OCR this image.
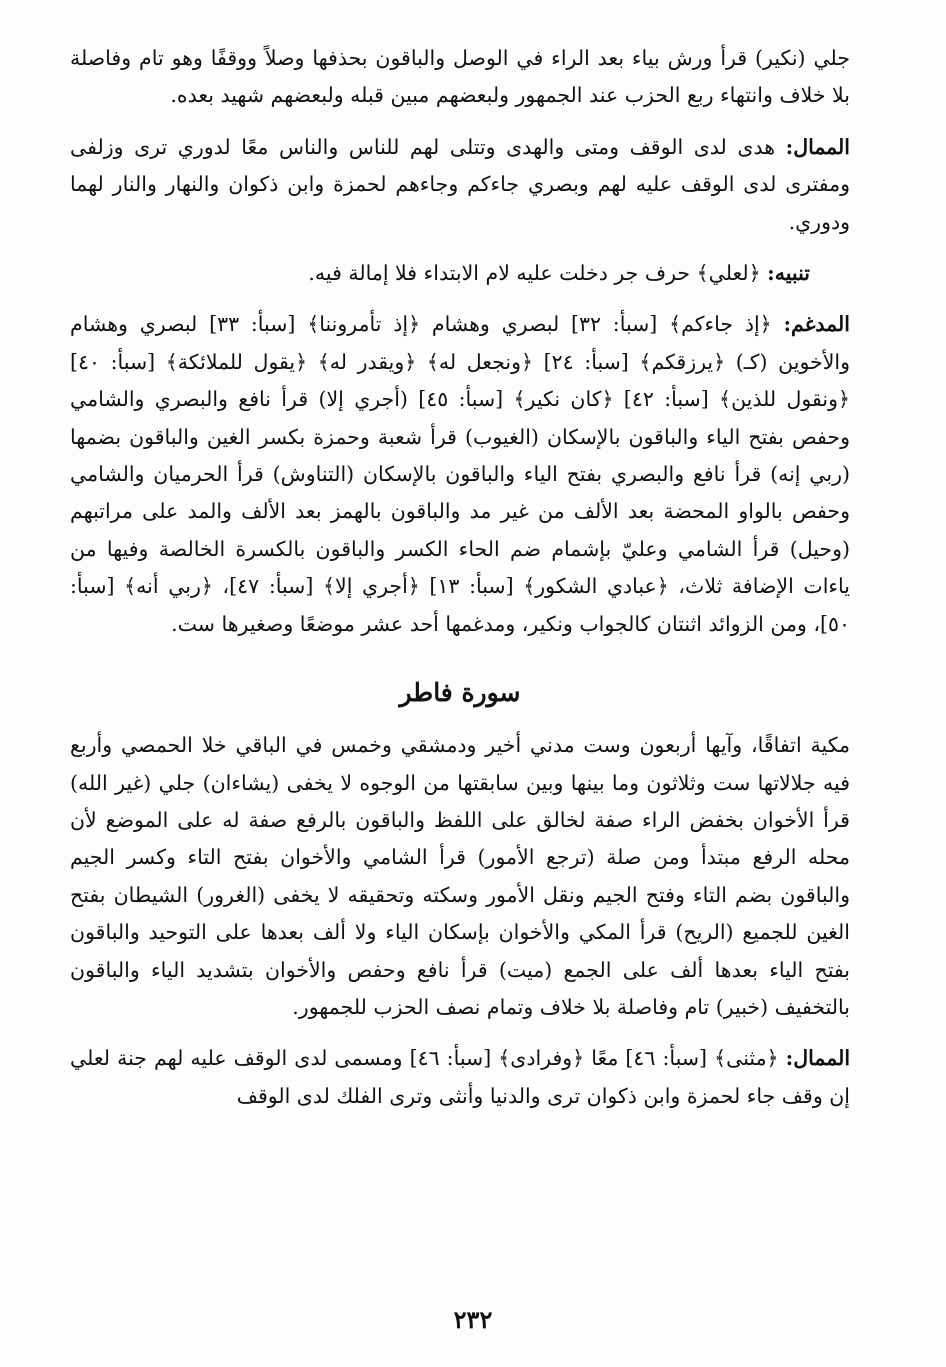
جلي (نكير) قرأ ورش بياء بعد الراء في الوصل والباقون بحذفها وصلاً ووقفًا وهو تام وفاصلة بلا خلاف وانتهاء ربع الحزب عند الجمهور ولبعضهم مبين قبله ولبعضهم شهيد بعده.

الممال: هدى لدى الوقف ومتى والهدى وتتلى لهم للناس والناس معًا لدوري ترى وزلفى ومفترى لدى الوقف عليه لهم وبصري جاءكم وجاءهم لحمزة وابن ذكوان والنهار والنار لهما ودوري.

تنبيه: ﴿لعلي﴾ حرف جر دخلت عليه لام الابتداء فلا إمالة فيه.

المدغم: ﴿إذ جاءكم﴾ [سبأ: ٣٢] لبصري وهشام ﴿إذ تأمروننا﴾ [سبأ: ٣٣] لبصري وهشام والأخوين (كـ) ﴿يرزقكم﴾ [سبأ: ٢٤] ﴿ونجعل له﴾ ﴿ويقدر له﴾ ﴿يقول للملائكة﴾ [سبأ: ٤٠] ﴿ونقول للذين﴾ [سبأ: ٤٢] ﴿كان نكير﴾ [سبأ: ٤٥] (أجري إلا) قرأ نافع والبصري والشامي وحفص بفتح الياء والباقون بالإسكان (الغيوب) قرأ شعبة وحمزة بكسر الغين والباقون بضمها (ربي إنه) قرأ نافع والبصري بفتح الياء والباقون بالإسكان (التناوش) قرأ الحرميان والشامي وحفص بالواو المحضة بعد الألف من غير مد والباقون بالهمز بعد الألف والمد على مراتبهم (وحيل) قرأ الشامي وعليّ بإشمام ضم الحاء الكسر والباقون بالكسرة الخالصة وفيها من ياءات الإضافة ثلاث، ﴿عبادي الشكور﴾ [سبأ: ١٣] ﴿أجري إلا﴾ [سبأ: ٤٧]، ﴿ربي أنه﴾ [سبأ: ٥٠]، ومن الزوائد اثنتان كالجواب ونكير، ومدغمها أحد عشر موضعًا وصغيرها ست.

سورة فاطر

مكية اتفاقًا، وآيها أربعون وست مدني أخير ودمشقي وخمس في الباقي خلا الحمصي وأربع فيه جلالاتها ست وثلاثون وما بينها وبين سابقتها من الوجوه لا يخفى (يشاءان) جلي (غير الله) قرأ الأخوان بخفض الراء صفة لخالق على اللفظ والباقون بالرفع صفة له على الموضع لأن محله الرفع مبتدأ ومن صلة (ترجع الأمور) قرأ الشامي والأخوان بفتح التاء وكسر الجيم والباقون بضم التاء وفتح الجيم ونقل الأمور وسكته وتحقيقه لا يخفى (الغرور) الشيطان بفتح الغين للجميع (الريح) قرأ المكي والأخوان بإسكان الياء ولا ألف بعدها على التوحيد والباقون بفتح الياء بعدها ألف على الجمع (ميت) قرأ نافع وحفص والأخوان بتشديد الياء والباقون بالتخفيف (خبير) تام وفاصلة بلا خلاف وتمام نصف الحزب للجمهور.

الممال: ﴿مثنى﴾ [سبأ: ٤٦] معًا ﴿وفرادى﴾ [سبأ: ٤٦] ومسمى لدى الوقف عليه لهم جنة لعلي إن وقف جاء لحمزة وابن ذكوان ترى والدنيا وأنثى وترى الفلك لدى الوقف

٢٣٢
